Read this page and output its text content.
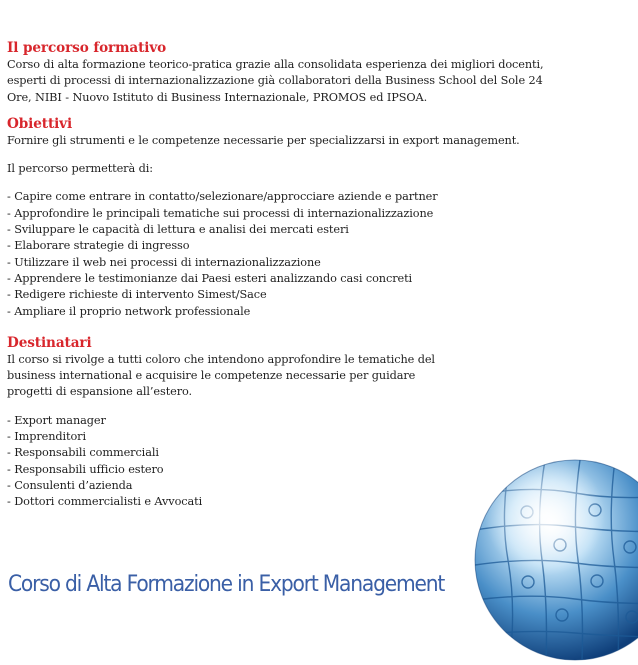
Il percorso formativo

Corso di alta formazione teorico-pratica grazie alla consolidata esperienza dei migliori docenti,
esperti di processi di internazionalizzazione già collaboratori della Business School del Sole 24
Ore, NIBI - Nuovo Istituto di Business Internazionale, PROMOS ed IPSOA.

Obiettivi

Fornire gli strumenti e le competenze necessarie per specializzarsi in export management.

Il percorso permetterà di:

- Capire come entrare in contatto/selezionare/approcciare aziende e partner
- Approfondire le principali tematiche sui processi di internazionalizzazione
- Sviluppare le capacità di lettura e analisi dei mercati esteri
- Elaborare strategie di ingresso
- Utilizzare il web nei processi di internazionalizzazione
- Apprendere le testimonianze dai Paesi esteri analizzando casi concreti
- Redigere richieste di intervento Simest/Sace
- Ampliare il proprio network professionale
Destinatari

Il corso si rivolge a tutti coloro che intendono approfondire le tematiche del
business international e acquisire le competenze necessarie per guidare
progetti di espansione all’estero.

- Export manager
- Imprenditori
- Responsabili commerciali
- Responsabili ufficio estero
- Consulenti d’azienda
- Dottori commercialisti e Avvocati
Corso di Alta Formazione in Export Management
